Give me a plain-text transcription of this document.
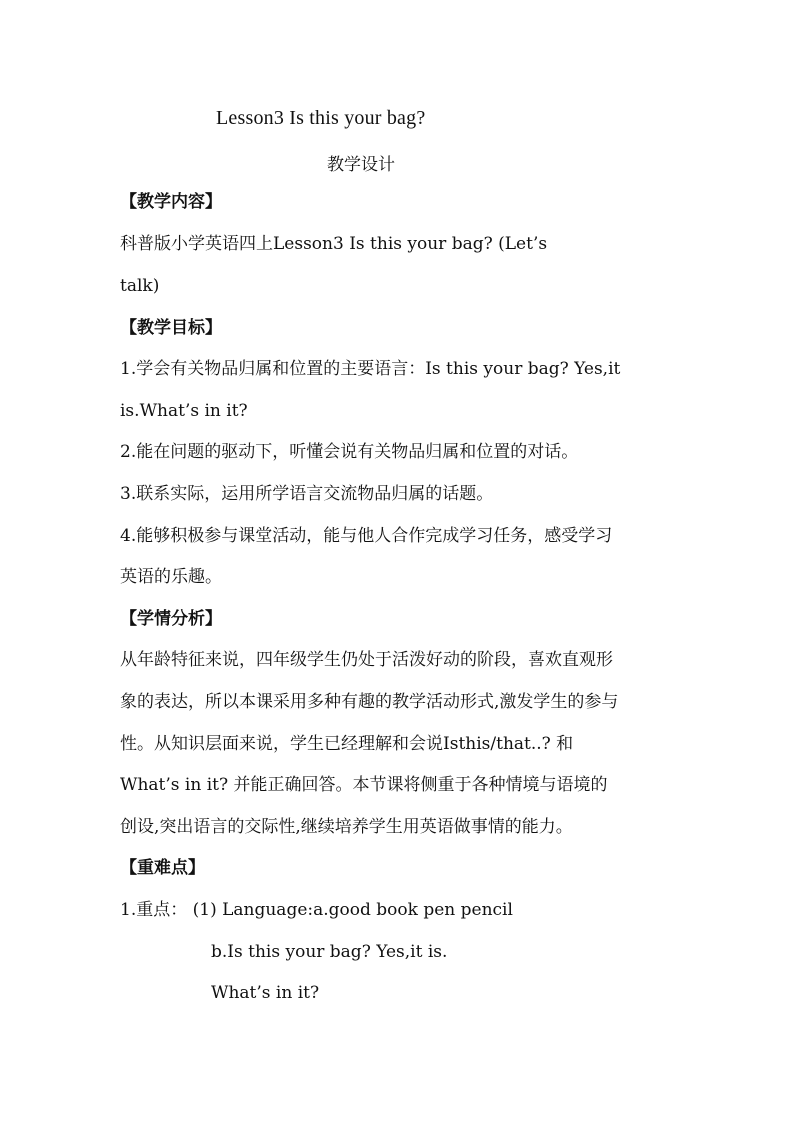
Lesson3 Is this your bag?
教学设计
【教学内容】
科普版小学英语四上Lesson3 Is this your bag? (Let’s
talk)
【教学目标】
1.学会有关物品归属和位置的主要语言：Is this your bag? Yes,it
is.What’s in it?
2.能在问题的驱动下，听懂会说有关物品归属和位置的对话。
3.联系实际，运用所学语言交流物品归属的话题。
4.能够积极参与课堂活动，能与他人合作完成学习任务，感受学习
英语的乐趣。
【学情分析】
从年龄特征来说，四年级学生仍处于活泼好动的阶段，喜欢直观形
象的表达，所以本课采用多种有趣的教学活动形式,激发学生的参与
性。从知识层面来说，学生已经理解和会说Isthis/that..? 和
What’s in it? 并能正确回答。本节课将侧重于各种情境与语境的
创设,突出语言的交际性,继续培养学生用英语做事情的能力。
【重难点】
1.重点： (1) Language:a.good book pen pencil
b.Is this your bag? Yes,it is.
What’s in it?
